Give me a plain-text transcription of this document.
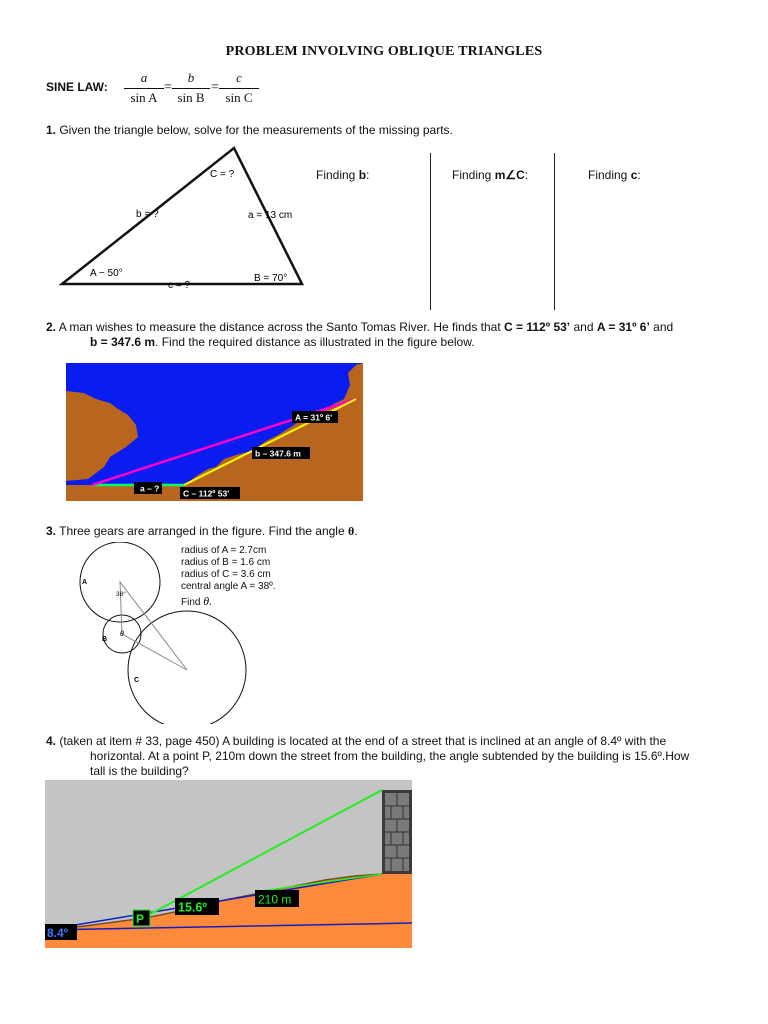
PROBLEM INVOLVING OBLIQUE TRIANGLES
SINE LAW:
a
sin A
=
b
sin B
=
c
sin C
1. Given the triangle below, solve for the measurements of the missing parts.
C = ?
b = ?	a = 13 cm
A − 50°	B = 70°
c = ?
Finding b:	Finding m∠C:	Finding c:
2. A man wishes to measure the distance across the Santo Tomas River. He finds that C = 112º 53’ and A = 31º 6’ and
b = 347.6 m. Find the required distance as illustrated in the figure below.
A = 31º 6'
b – 347.6 m
a – ?	C – 112º 53'
3. Three gears are arranged in the figure. Find the angle θ.
A
B
C
38°
θ
radius of A = 2.7cm
radius of B = 1.6 cm
radius of C = 3.6 cm
central angle A = 38º.
Find θ.
4. (taken at item # 33, page 450) A building is located at the end of a street that is inclined at an angle of 8.4º with the
horizontal. At a point P, 210m down the street from the building, the angle subtended by the building is 15.6º.How
tall is the building?
8.4º
P
15.6º
210 m
